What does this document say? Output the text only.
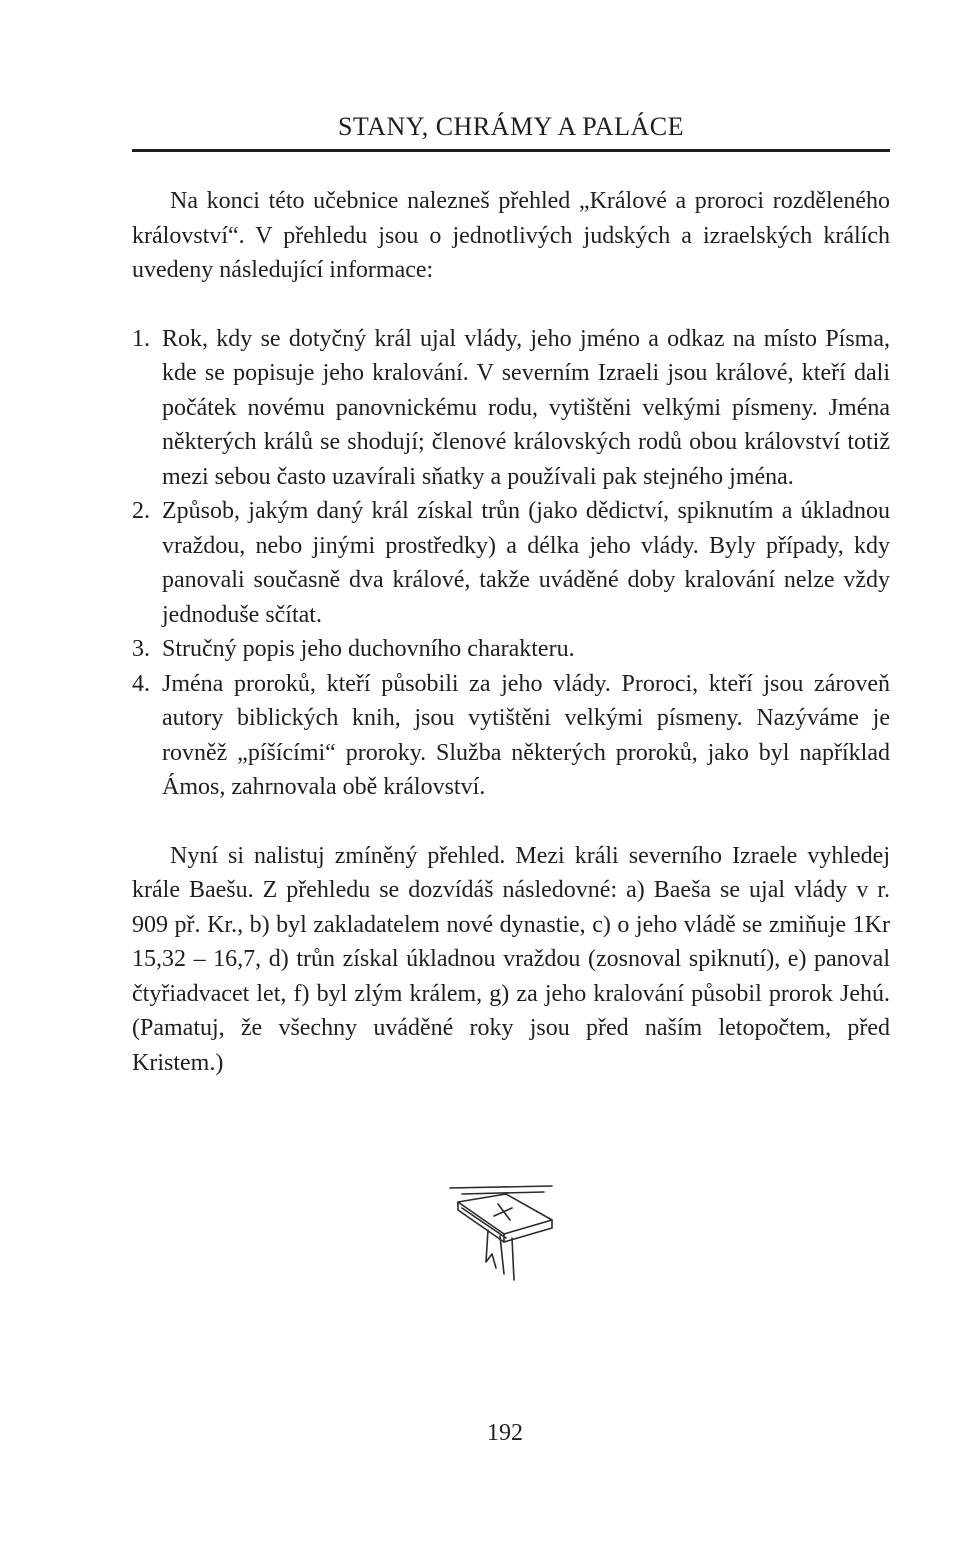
STANY, CHRÁMY A PALÁCE

Na konci této učebnice nalezneš přehled „Králové a proroci rozděleného království“. V přehledu jsou o jednotlivých judských a izraelských králích uvedeny následující informace:

1. Rok, kdy se dotyčný král ujal vlády, jeho jméno a odkaz na místo Písma, kde se popisuje jeho kralování. V severním Izraeli jsou králové, kteří dali počátek novému panovnickému rodu, vytištěni velkými písmeny. Jména některých králů se shodují; členové královských rodů obou království totiž mezi sebou často uzavírali sňatky a používali pak stejného jména.
2. Způsob, jakým daný král získal trůn (jako dědictví, spiknutím a úkladnou vraždou, nebo jinými prostředky) a délka jeho vlády. Byly případy, kdy panovali současně dva králové, takže uváděné doby kralování nelze vždy jednoduše sčítat.
3. Stručný popis jeho duchovního charakteru.
4. Jména proroků, kteří působili za jeho vlády. Proroci, kteří jsou zároveň autory biblických knih, jsou vytištěni velkými písmeny. Nazýváme je rovněž „píšícími“ proroky. Služba některých proroků, jako byl například Ámos, zahrnovala obě království.

Nyní si nalistuj zmíněný přehled. Mezi králi severního Izraele vyhledej krále Baešu. Z přehledu se dozvídáš následovné: a) Baeša se ujal vlády v r. 909 př. Kr., b) byl zakladatelem nové dynastie, c) o jeho vládě se zmiňuje 1Kr 15,32 – 16,7, d) trůn získal úkladnou vraždou (zosnoval spiknutí), e) panoval čtyřiadvacet let, f) byl zlým králem, g) za jeho kralování působil prorok Jehú. (Pamatuj, že všechny uváděné roky jsou před naším letopočtem, před Kristem.)

192
